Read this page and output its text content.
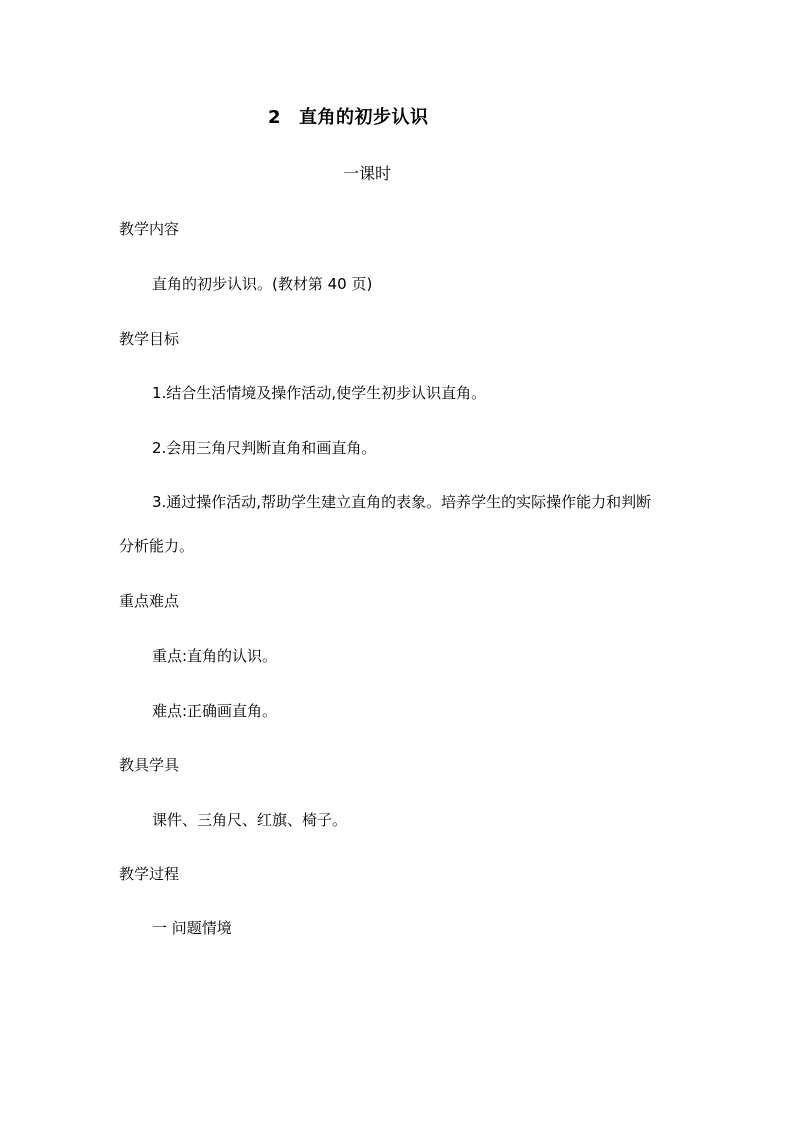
2 直角的初步认识
一课时
教学内容
直角的初步认识。(教材第 40 页)
教学目标
1.结合生活情境及操作活动,使学生初步认识直角。
2.会用三角尺判断直角和画直角。
3.通过操作活动,帮助学生建立直角的表象。培养学生的实际操作能力和判断
分析能力。
重点难点
重点:直角的认识。
难点:正确画直角。
教具学具
课件、三角尺、红旗、椅子。
教学过程
一 问题情境
